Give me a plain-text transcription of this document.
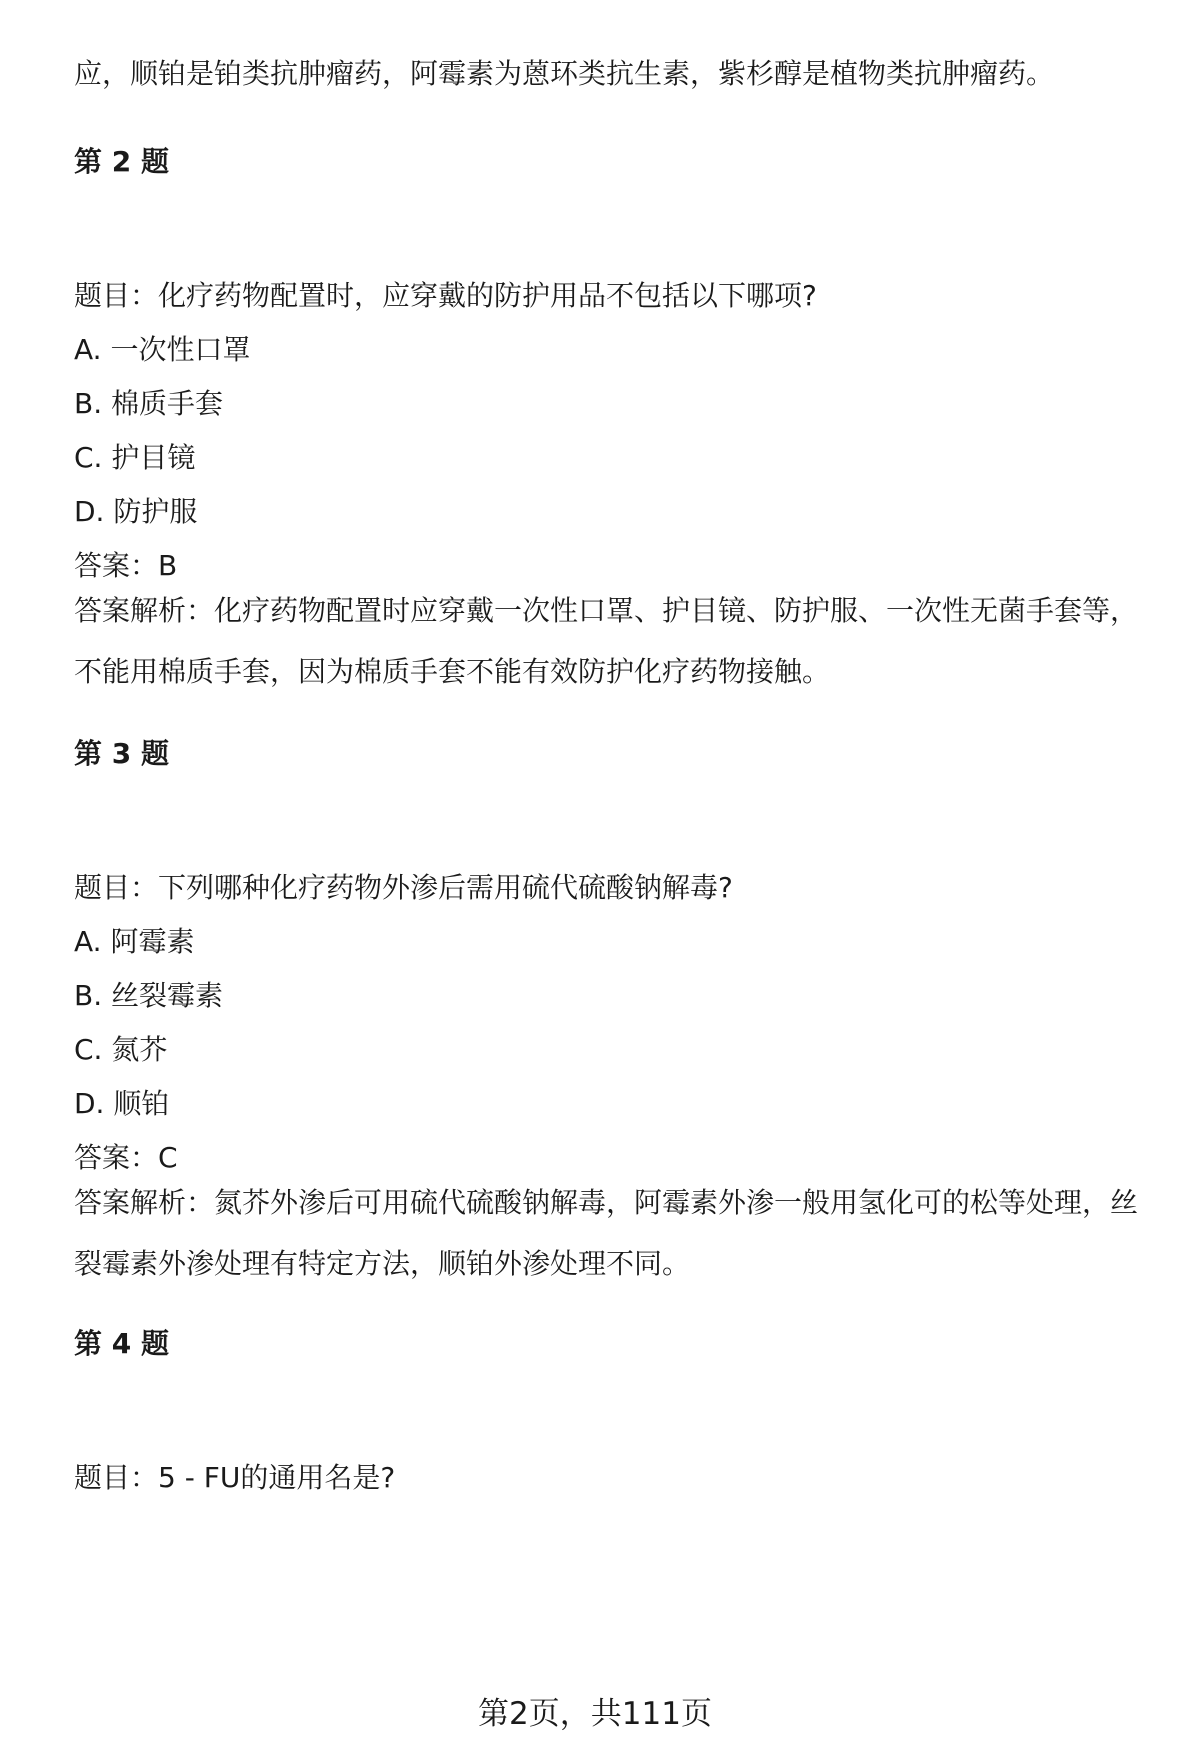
应，顺铂是铂类抗肿瘤药，阿霉素为蒽环类抗生素，紫杉醇是植物类抗肿瘤药。
第 2 题
题目：化疗药物配置时，应穿戴的防护用品不包括以下哪项?
A. 一次性口罩
B. 棉质手套
C. 护目镜
D. 防护服
答案：B
答案解析：化疗药物配置时应穿戴一次性口罩、护目镜、防护服、一次性无菌手套等，不能用棉质手套，因为棉质手套不能有效防护化疗药物接触。
第 3 题
题目：下列哪种化疗药物外渗后需用硫代硫酸钠解毒?
A. 阿霉素
B. 丝裂霉素
C. 氮芥
D. 顺铂
答案：C
答案解析：氮芥外渗后可用硫代硫酸钠解毒，阿霉素外渗一般用氢化可的松等处理，丝裂霉素外渗处理有特定方法，顺铂外渗处理不同。
第 4 题
题目：5 - FU的通用名是?
第2页，共111页
